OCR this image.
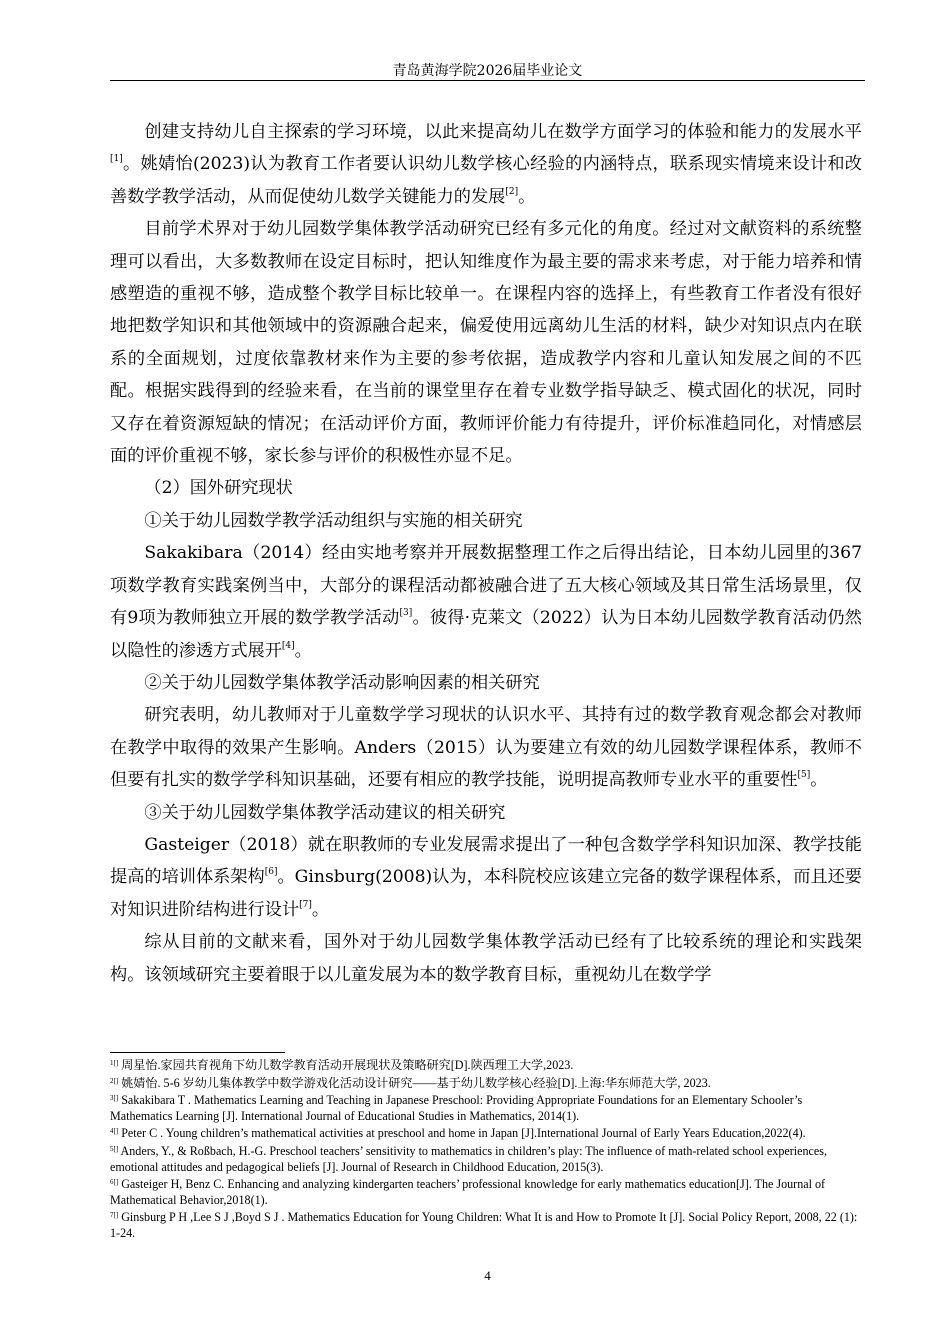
青岛黄海学院2026届毕业论文

创建支持幼儿自主探索的学习环境，以此来提高幼儿在数学方面学习的体验和能力的发展水平[1]。姚婧怡(2023)认为教育工作者要认识幼儿数学核心经验的内涵特点，联系现实情境来设计和改善数学教学活动，从而促使幼儿数学关键能力的发展[2]。

目前学术界对于幼儿园数学集体教学活动研究已经有多元化的角度。经过对文献资料的系统整理可以看出，大多数教师在设定目标时，把认知维度作为最主要的需求来考虑，对于能力培养和情感塑造的重视不够，造成整个教学目标比较单一。在课程内容的选择上，有些教育工作者没有很好地把数学知识和其他领域中的资源融合起来，偏爱使用远离幼儿生活的材料，缺少对知识点内在联系的全面规划，过度依靠教材来作为主要的参考依据，造成教学内容和儿童认知发展之间的不匹配。根据实践得到的经验来看，在当前的课堂里存在着专业数学指导缺乏、模式固化的状况，同时又存在着资源短缺的情况；在活动评价方面，教师评价能力有待提升，评价标准趋同化，对情感层面的评价重视不够，家长参与评价的积极性亦显不足。

（2）国外研究现状

①关于幼儿园数学教学活动组织与实施的相关研究

Sakakibara（2014）经由实地考察并开展数据整理工作之后得出结论，日本幼儿园里的367项数学教育实践案例当中，大部分的课程活动都被融合进了五大核心领域及其日常生活场景里，仅有9项为教师独立开展的数学教学活动[3]。彼得·克莱文（2022）认为日本幼儿园数学教育活动仍然以隐性的渗透方式展开[4]。

②关于幼儿园数学集体教学活动影响因素的相关研究

研究表明，幼儿教师对于儿童数学学习现状的认识水平、其持有过的数学教育观念都会对教师在教学中取得的效果产生影响。Anders（2015）认为要建立有效的幼儿园数学课程体系，教师不但要有扎实的数学学科知识基础，还要有相应的教学技能，说明提高教师专业水平的重要性[5]。

③关于幼儿园数学集体教学活动建议的相关研究

Gasteiger（2018）就在职教师的专业发展需求提出了一种包含数学学科知识加深、教学技能提高的培训体系架构[6]。Ginsburg(2008)认为，本科院校应该建立完备的数学课程体系，而且还要对知识进阶结构进行设计[7]。

综从目前的文献来看，国外对于幼儿园数学集体教学活动已经有了比较系统的理论和实践架构。该领域研究主要着眼于以儿童发展为本的数学教育目标，重视幼儿在数学学

$^{1[]}$ 周星怡.家园共育视角下幼儿数学教育活动开展现状及策略研究[D].陕西理工大学,2023.
$^{2[]}$ 姚婧怡. 5-6 岁幼儿集体教学中数学游戏化活动设计研究——基于幼儿数学核心经验[D].上海:华东师范大学, 2023.
$^{3[]}$ Sakakibara T . Mathematics Learning and Teaching in Japanese Preschool: Providing Appropriate Foundations for an Elementary Schooler’s Mathematics Learning [J]. International Journal of Educational Studies in Mathematics, 2014(1).
$^{4[]}$ Peter C . Young children’s mathematical activities at preschool and home in Japan [J].International Journal of Early Years Education,2022(4).
$^{5[]}$ Anders, Y., & Roßbach, H.-G. Preschool teachers’ sensitivity to mathematics in children’s play: The influence of math-related school experiences, emotional attitudes and pedagogical beliefs [J]. Journal of Research in Childhood Education, 2015(3).
$^{6[]}$ Gasteiger H, Benz C. Enhancing and analyzing kindergarten teachers’ professional knowledge for early mathematics education[J]. The Journal of Mathematical Behavior,2018(1).
$^{7[]}$ Ginsburg P H ,Lee S J ,Boyd S J . Mathematics Education for Young Children: What It is and How to Promote It [J]. Social Policy Report, 2008, 22 (1): 1-24.
4
